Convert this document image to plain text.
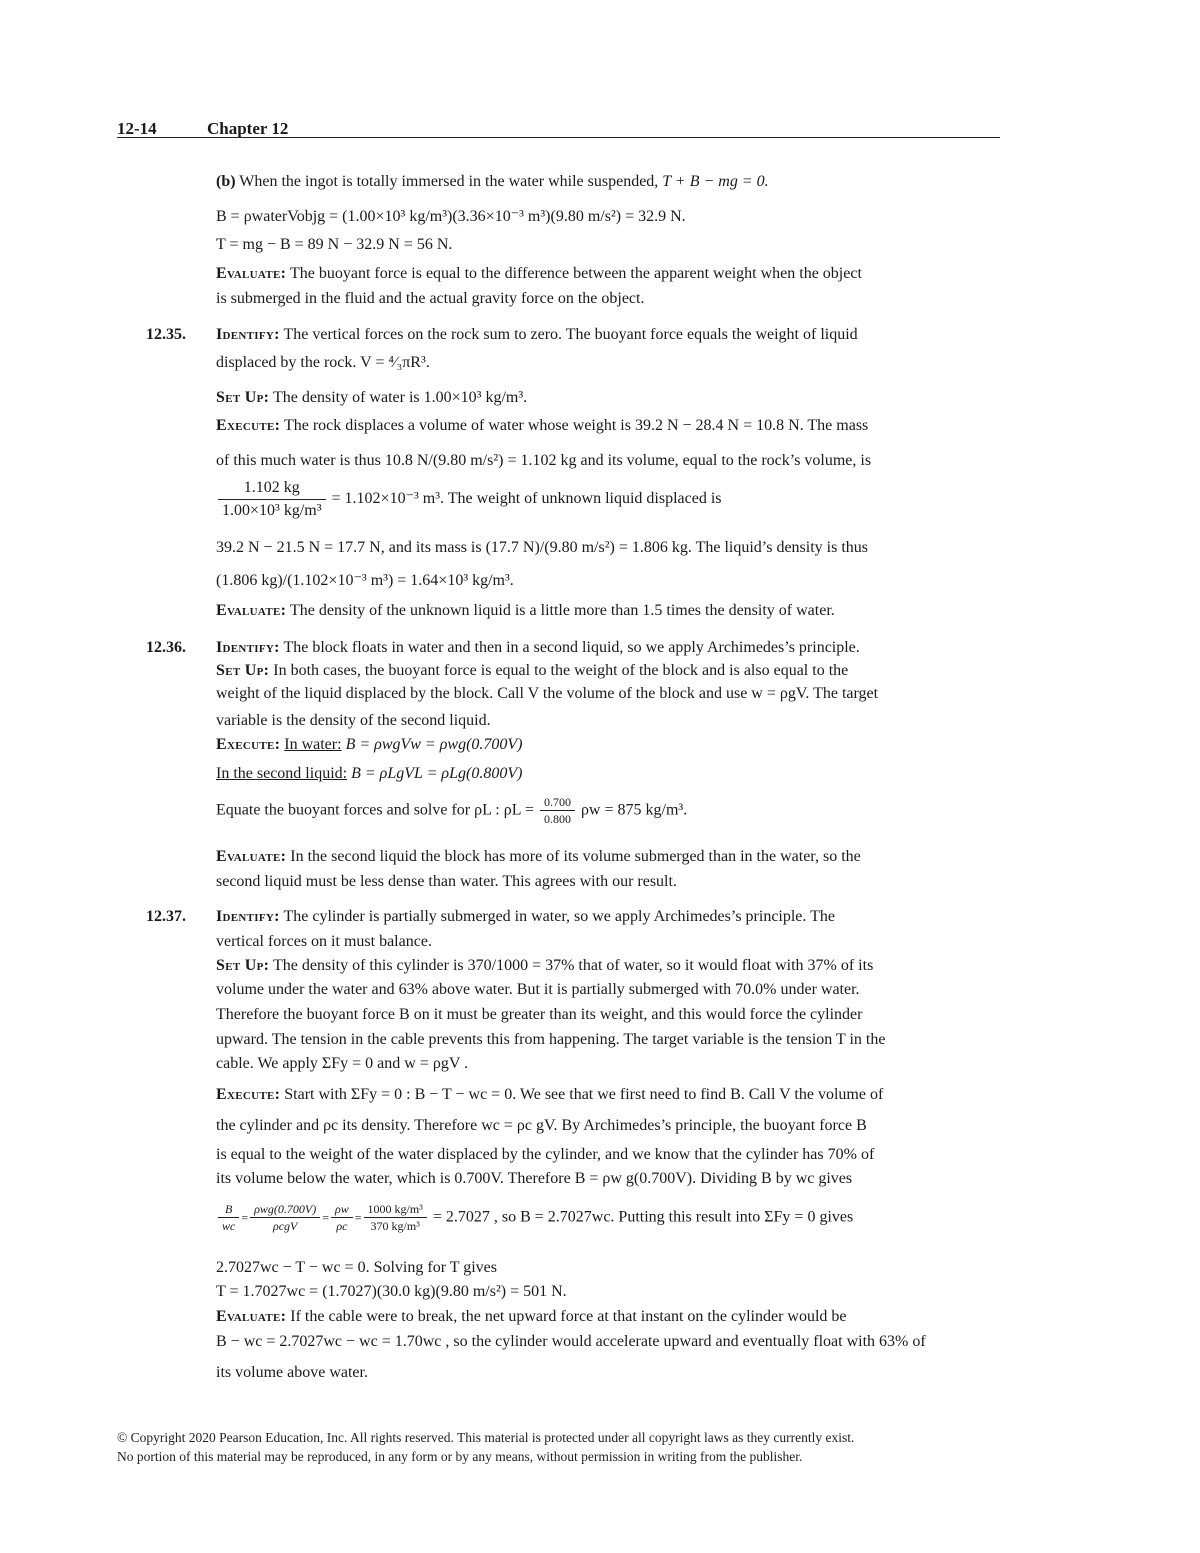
12-14	Chapter 12
(b) When the ingot is totally immersed in the water while suspended, T + B − mg = 0.
B = ρwaterVobjg = (1.00×10³ kg/m³)(3.36×10⁻³ m³)(9.80 m/s²) = 32.9 N.
T = mg − B = 89 N − 32.9 N = 56 N.
Evaluate: The buoyant force is equal to the difference between the apparent weight when the object
is submerged in the fluid and the actual gravity force on the object.
12.35. Identify: The vertical forces on the rock sum to zero. The buoyant force equals the weight of liquid
displaced by the rock. V = ⁴⁄₃πR³.
Set Up: The density of water is 1.00×10³ kg/m³.
Execute: The rock displaces a volume of water whose weight is 39.2 N − 28.4 N = 10.8 N. The mass
of this much water is thus 10.8 N/(9.80 m/s²) = 1.102 kg and its volume, equal to the rock’s volume, is
$\frac{1.102 kg}{\text{1.00×10³ kg/m³}} = 1.102\times 10^{-3}$ m³. The weight of unknown liquid displaced is
39.2 N − 21.5 N = 17.7 N, and its mass is (17.7 N)/(9.80 m/s²) = 1.806 kg. The liquid’s density is thus
(1.806 kg)/(1.102×10⁻³ m³) = 1.64×10³ kg/m³.
Evaluate: The density of the unknown liquid is a little more than 1.5 times the density of water.
12.36. Identify: The block floats in water and then in a second liquid, so we apply Archimedes’s principle.
Set Up: In both cases, the buoyant force is equal to the weight of the block and is also equal to the
weight of the liquid displaced by the block. Call V the volume of the block and use w = ρgV. The target
variable is the density of the second liquid.
Execute: In water: B = ρwgVw = ρwg(0.700V)
In the second liquid: B = ρLgVL = ρLg(0.800V)
Equate the buoyant forces and solve for ρL : $\rho L = \frac{0.700}{0.800}$ ρw = 875 kg/m³.
Evaluate: In the second liquid the block has more of its volume submerged than in the water, so the
second liquid must be less dense than water. This agrees with our result.
12.37. Identify: The cylinder is partially submerged in water, so we apply Archimedes’s principle. The
vertical forces on it must balance.
Set Up: The density of this cylinder is 370/1000 = 37% that of water, so it would float with 37% of its
volume under the water and 63% above water. But it is partially submerged with 70.0% under water.
Therefore the buoyant force B on it must be greater than its weight, and this would force the cylinder
upward. The tension in the cable prevents this from happening. The target variable is the tension T in the
cable. We apply ΣFy = 0 and w = ρgV .
Execute: Start with ΣFy = 0 : B − T − wc = 0. We see that we first need to find B. Call V the volume of
the cylinder and ρc its density. Therefore wc = ρc gV. By Archimedes’s principle, the buoyant force B
is equal to the weight of the water displaced by the cylinder, and we know that the cylinder has 70% of
its volume below the water, which is 0.700V. Therefore B = ρw g(0.700V). Dividing B by wc gives
$\frac{B}{wc} = \frac{\text{ρwg(0.700V)}}{\text{ρcgV}} = \frac{\rho w}{\rho c} = \frac{\text{1000 kg/m³}}{\text{370 kg/m³}} = 2.7027$ , so B = 2.7027wc. Putting this result into ΣFy = 0 gives
2.7027wc − T − wc = 0. Solving for T gives
T = 1.7027wc = (1.7027)(30.0 kg)(9.80 m/s²) = 501 N.
Evaluate: If the cable were to break, the net upward force at that instant on the cylinder would be
B − wc = 2.7027wc − wc = 1.70wc , so the cylinder would accelerate upward and eventually float with 63% of
its volume above water.
© Copyright 2020 Pearson Education, Inc. All rights reserved. This material is protected under all copyright laws as they currently exist.
No portion of this material may be reproduced, in any form or by any means, without permission in writing from the publisher.
